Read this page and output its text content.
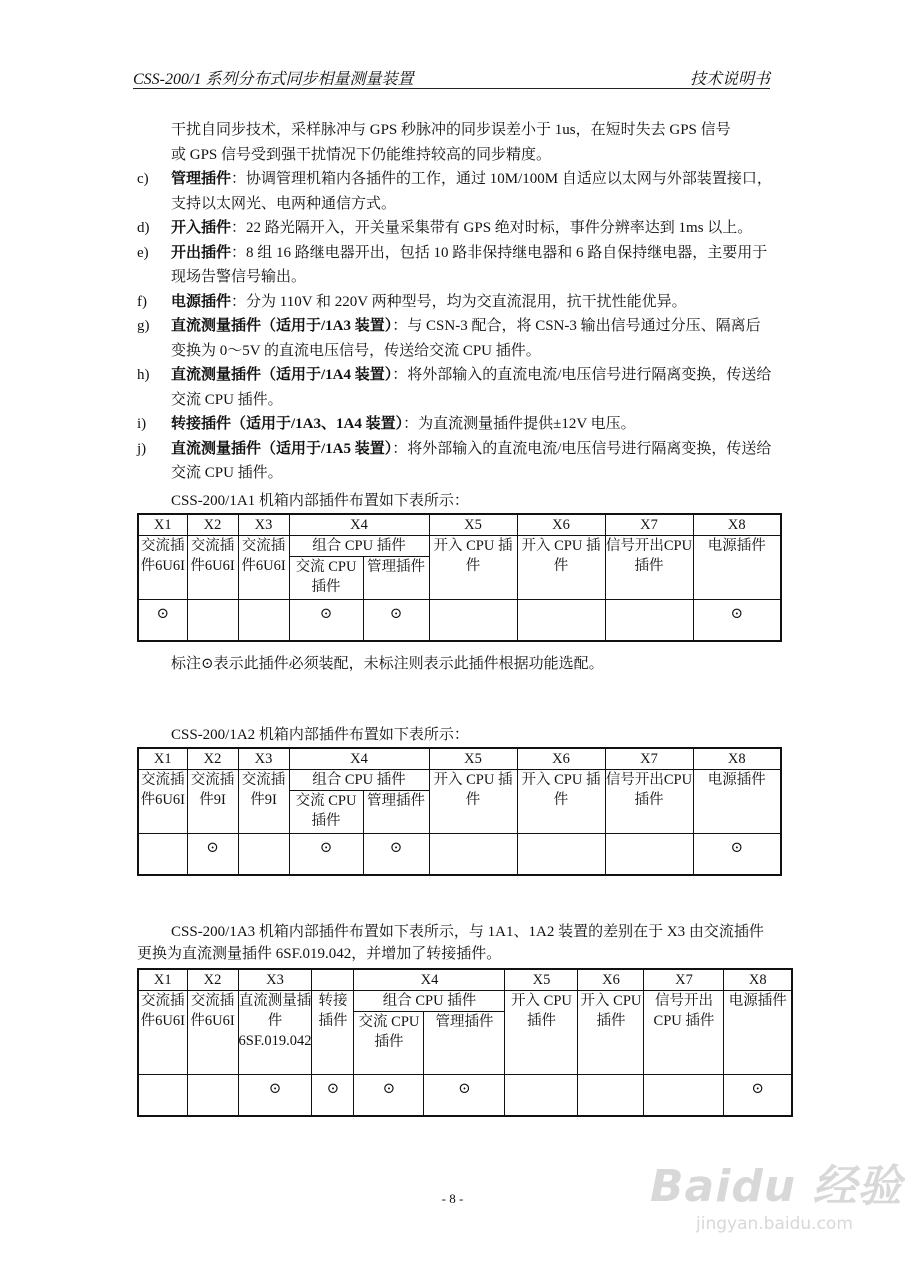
CSS-200/1 系列分布式同步相量测量装置	技术说明书
干扰自同步技术，采样脉冲与 GPS 秒脉冲的同步误差小于 1us，在短时失去 GPS 信号
或 GPS 信号受到强干扰情况下仍能维持较高的同步精度。
c) 管理插件：协调管理机箱内各插件的工作，通过 10M/100M 自适应以太网与外部装置接口，支持以太网光、电两种通信方式。
d) 开入插件：22 路光隔开入，开关量采集带有 GPS 绝对时标，事件分辨率达到 1ms 以上。
e) 开出插件：8 组 16 路继电器开出，包括 10 路非保持继电器和 6 路自保持继电器，主要用于现场告警信号输出。
f) 电源插件：分为 110V 和 220V 两种型号，均为交直流混用，抗干扰性能优异。
g) 直流测量插件（适用于/1A3 装置）：与 CSN-3 配合，将 CSN-3 输出信号通过分压、隔离后变换为 0～5V 的直流电压信号，传送给交流 CPU 插件。
h) 直流测量插件（适用于/1A4 装置）：将外部输入的直流电流/电压信号进行隔离变换，传送给交流 CPU 插件。
i) 转接插件（适用于/1A3、1A4 装置）：为直流测量插件提供±12V 电压。
j) 直流测量插件（适用于/1A5 装置）：将外部输入的直流电流/电压信号进行隔离变换，传送给交流 CPU 插件。
CSS-200/1A1 机箱内部插件布置如下表所示：
X1	X2	X3	X4		X5	X6	X7	X8
交流插件6U6I	交流插件6U6I	交流插件6U6I	组合 CPU 插件		开入 CPU 插件	开入 CPU 插件	信号开出CPU 插件	电源插件
			交流 CPU 插件	管理插件				
⊙			⊙	⊙				⊙
标注⊙表示此插件必须装配，未标注则表示此插件根据功能选配。
CSS-200/1A2 机箱内部插件布置如下表所示：
X1	X2	X3	X4		X5	X6	X7	X8
交流插件6U6I	交流插件9I	交流插件9I	组合 CPU 插件		开入 CPU 插件	开入 CPU 插件	信号开出CPU 插件	电源插件
			交流 CPU 插件	管理插件				
	⊙		⊙	⊙				⊙
CSS-200/1A3 机箱内部插件布置如下表所示，与 1A1、1A2 装置的差别在于 X3 由交流插件更换为直流测量插件 6SF.019.042，并增加了转接插件。
X1	X2	X3		X4		X5	X6	X7	X8
交流插件6U6I	交流插件6U6I	直流测量插件6SF.019.042	转接插件	组合 CPU 插件		开入 CPU插件	开入 CPU插件	信号开出CPU 插件	电源插件
				交流 CPU 插件	管理插件				
		⊙	⊙	⊙	⊙				⊙
- 8 -	Baidu 经验
jingyan.baidu.com
